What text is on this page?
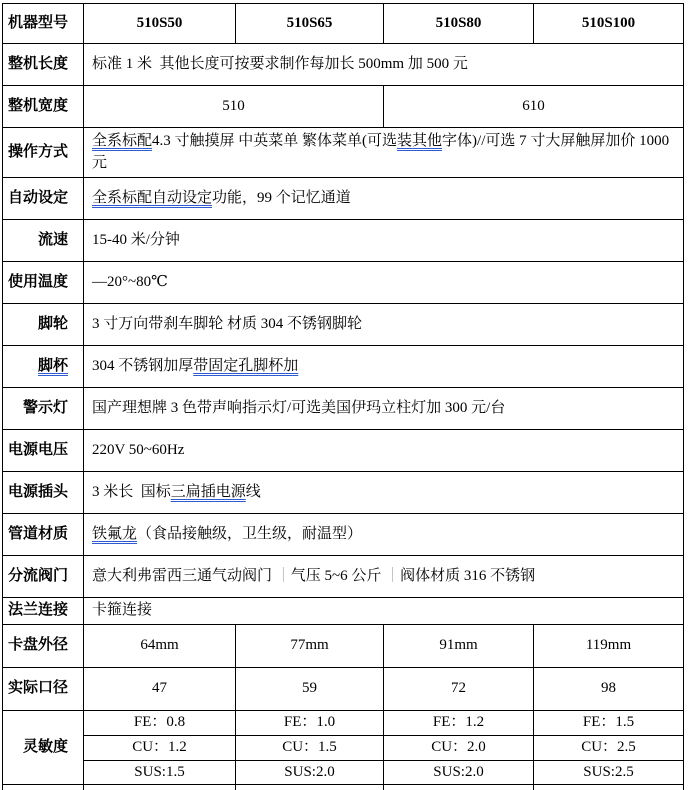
机器型号	510S50	510S65	510S80	510S100
整机长度	标准 1 米  其他长度可按要求制作每加长 500mm 加 500 元			
整机宽度	510		610	
操作方式	全系标配4.3 寸触摸屏 中英菜单 繁体菜单(可选装其他字体)//可选 7 寸大屏触屏加价 1000 元			
自动设定	全系标配自动设定功能，99 个记忆通道			
流速	15-40 米/分钟			
使用温度	—20°~80℃			
脚轮	3 寸万向带刹车脚轮 材质 304 不锈钢脚轮			
脚杯	304 不锈钢加厚带固定孔脚杯加			
警示灯	国产理想牌 3 色带声响指示灯/可选美国伊玛立柱灯加 300 元/台			
电源电压	220V 50~60Hz			
电源插头	3 米长  国标三扁插电源线			
管道材质	铁氟龙（食品接触级，卫生级，耐温型）			
分流阀门	意大利弗雷西三通气动阀门 ｜气压 5~6 公斤 ｜阀体材质 316 不锈钢			
法兰连接	卡箍连接			
卡盘外径	64mm	77mm	91mm	119mm
实际口径	47	59	72	98
灵敏度	FE：0.8	FE：1.0	FE：1.2	FE：1.5
	CU：1.2	CU：1.5	CU：2.0	CU：2.5
	SUS:1.5	SUS:2.0	SUS:2.0	SUS:2.5
